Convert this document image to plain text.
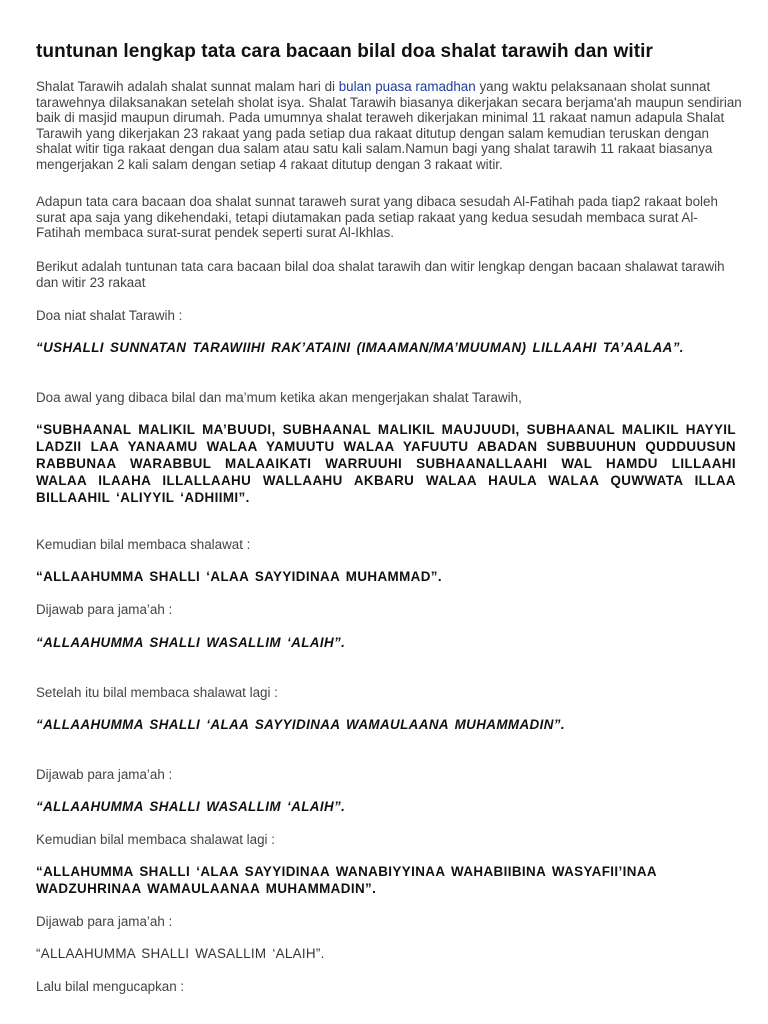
tuntunan lengkap tata cara bacaan bilal doa shalat tarawih dan witir

Shalat Tarawih adalah shalat sunnat malam hari di bulan puasa ramadhan yang waktu pelaksanaan sholat sunnat tarawehnya dilaksanakan setelah sholat isya. Shalat Tarawih biasanya dikerjakan secara berjama'ah maupun sendirian baik di masjid maupun dirumah. Pada umumnya shalat teraweh dikerjakan minimal 11 rakaat namun adapula Shalat Tarawih yang dikerjakan 23 rakaat yang pada setiap dua rakaat ditutup dengan salam kemudian teruskan dengan shalat witir tiga rakaat dengan dua salam atau satu kali salam.Namun bagi yang shalat tarawih 11 rakaat biasanya mengerjakan 2 kali salam dengan setiap 4 rakaat ditutup dengan 3 rakaat witir.

Adapun tata cara bacaan doa shalat sunnat taraweh surat yang dibaca sesudah Al-Fatihah pada tiap2 rakaat boleh surat apa saja yang dikehendaki, tetapi diutamakan pada setiap rakaat yang kedua sesudah membaca surat Al-Fatihah membaca surat-surat pendek seperti surat Al-Ikhlas.

Berikut adalah tuntunan tata cara bacaan bilal doa shalat tarawih dan witir lengkap dengan bacaan shalawat tarawih dan witir 23 rakaat

Doa niat shalat Tarawih :

“USHALLI SUNNATAN TARAWIIHI RAK’ATAINI (IMAAMAN/MA’MUUMAN) LILLAAHI TA’AALAA”.

Doa awal yang dibaca bilal dan ma’mum ketika akan mengerjakan shalat Tarawih,

“SUBHAANAL MALIKIL MA’BUUDI, SUBHAANAL MALIKIL MAUJUUDI, SUBHAANAL MALIKIL HAYYIL LADZII LAA YANAAMU WALAA YAMUUTU WALAA YAFUUTU ABADAN SUBBUUHUN QUDDUUSUN RABBUNAA WARABBUL MALAAIKATI WARRUUHI SUBHAANALLAAHI WAL HAMDU LILLAAHI WALAA ILAAHA ILLALLAAHU WALLAAHU AKBARU WALAA HAULA WALAA QUWWATA ILLAA BILLAAHIL ‘ALIYYIL ‘ADHIIMI”.

Kemudian bilal membaca shalawat :

“ALLAAHUMMA SHALLI ‘ALAA SAYYIDINAA MUHAMMAD”.

Dijawab para jama’ah :

“ALLAAHUMMA SHALLI WASALLIM ‘ALAIH”.

Setelah itu bilal membaca shalawat lagi :

“ALLAAHUMMA SHALLI ‘ALAA SAYYIDINAA WAMAULAANA MUHAMMADIN”.

Dijawab para jama’ah :

“ALLAAHUMMA SHALLI WASALLIM ‘ALAIH”.

Kemudian bilal membaca shalawat lagi :

“ALLAHUMMA SHALLI ‘ALAA SAYYIDINAA WANABIYYINAA WAHABIIBINA WASYAFII’INAA WADZUHRINAA WAMAULAANAA MUHAMMADIN”.

Dijawab para jama’ah :

“ALLAAHUMMA SHALLI WASALLIM ‘ALAIH”.

Lalu bilal mengucapkan :
